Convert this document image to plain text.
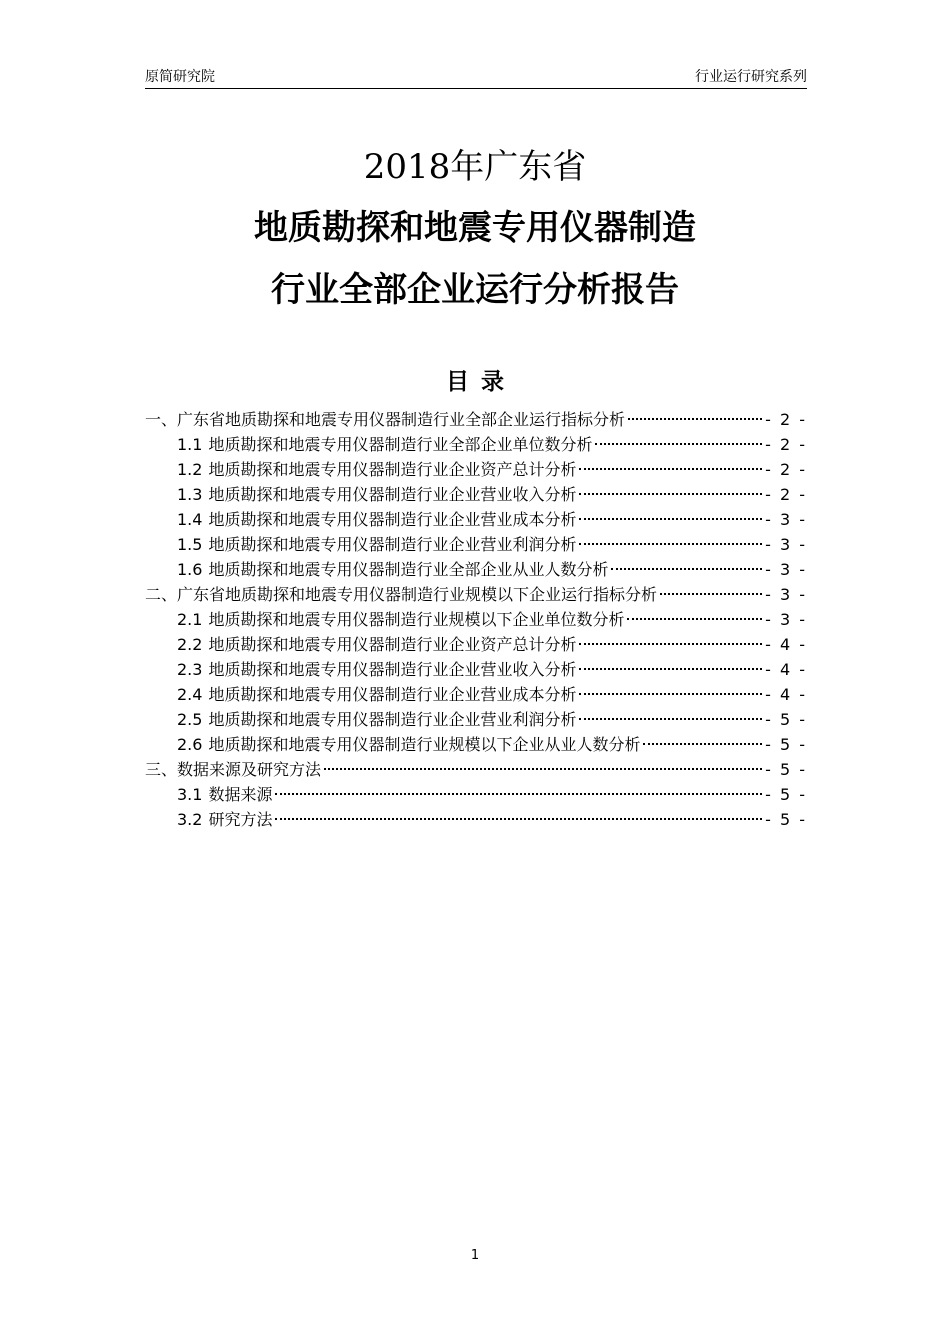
原简研究院	行业运行研究系列
2018年广东省
地质勘探和地震专用仪器制造
行业全部企业运行分析报告
目录
一、广东省地质勘探和地震专用仪器制造行业全部企业运行指标分析	- 2 -
1.1 地质勘探和地震专用仪器制造行业全部企业单位数分析	- 2 -
1.2 地质勘探和地震专用仪器制造行业企业资产总计分析	- 2 -
1.3 地质勘探和地震专用仪器制造行业企业营业收入分析	- 2 -
1.4 地质勘探和地震专用仪器制造行业企业营业成本分析	- 3 -
1.5 地质勘探和地震专用仪器制造行业企业营业利润分析	- 3 -
1.6 地质勘探和地震专用仪器制造行业全部企业从业人数分析	- 3 -
二、广东省地质勘探和地震专用仪器制造行业规模以下企业运行指标分析	- 3 -
2.1 地质勘探和地震专用仪器制造行业规模以下企业单位数分析	- 3 -
2.2 地质勘探和地震专用仪器制造行业企业资产总计分析	- 4 -
2.3 地质勘探和地震专用仪器制造行业企业营业收入分析	- 4 -
2.4 地质勘探和地震专用仪器制造行业企业营业成本分析	- 4 -
2.5 地质勘探和地震专用仪器制造行业企业营业利润分析	- 5 -
2.6 地质勘探和地震专用仪器制造行业规模以下企业从业人数分析	- 5 -
三、数据来源及研究方法	- 5 -
3.1 数据来源	- 5 -
3.2 研究方法	- 5 -
1
